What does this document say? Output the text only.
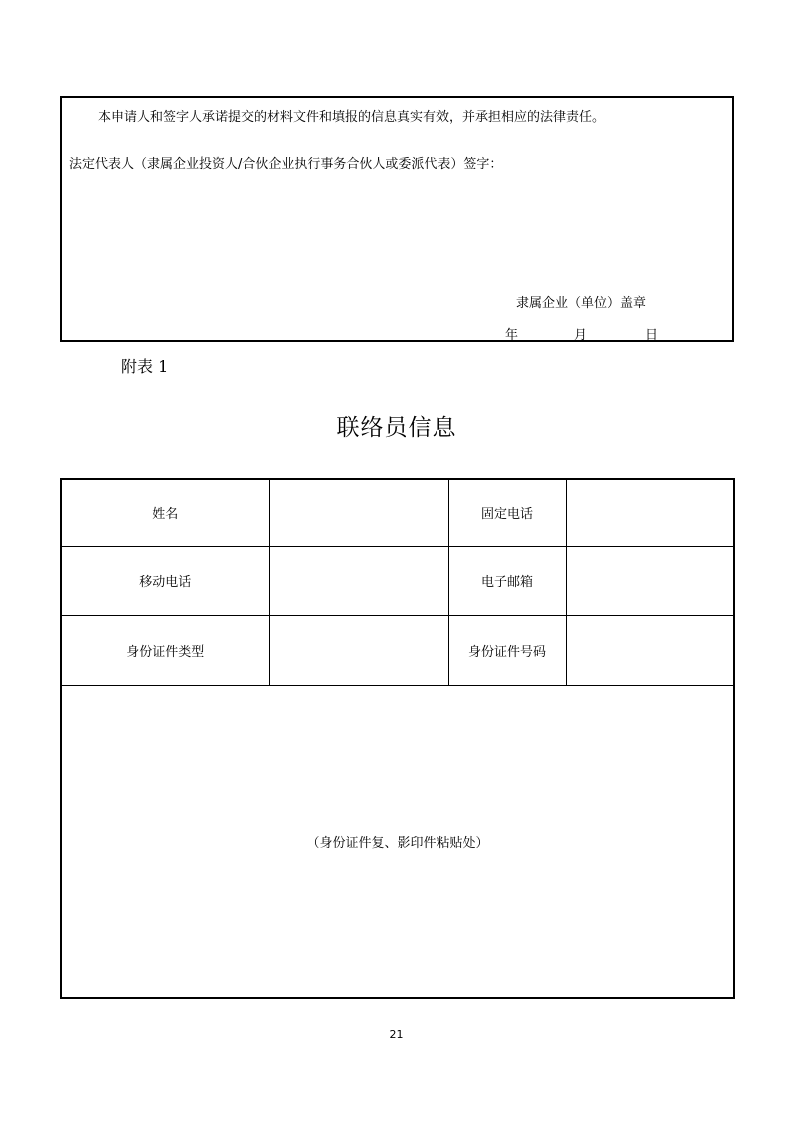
本申请人和签字人承诺提交的材料文件和填报的信息真实有效，并承担相应的法律责任。
法定代表人（隶属企业投资人/合伙企业执行事务合伙人或委派代表）签字：
隶属企业（单位）盖章
年	月	日
附表 1
联络员信息
姓名		固定电话	
移动电话		电子邮箱	
身份证件类型		身份证件号码	
（身份证件复、影印件粘贴处）			
21
